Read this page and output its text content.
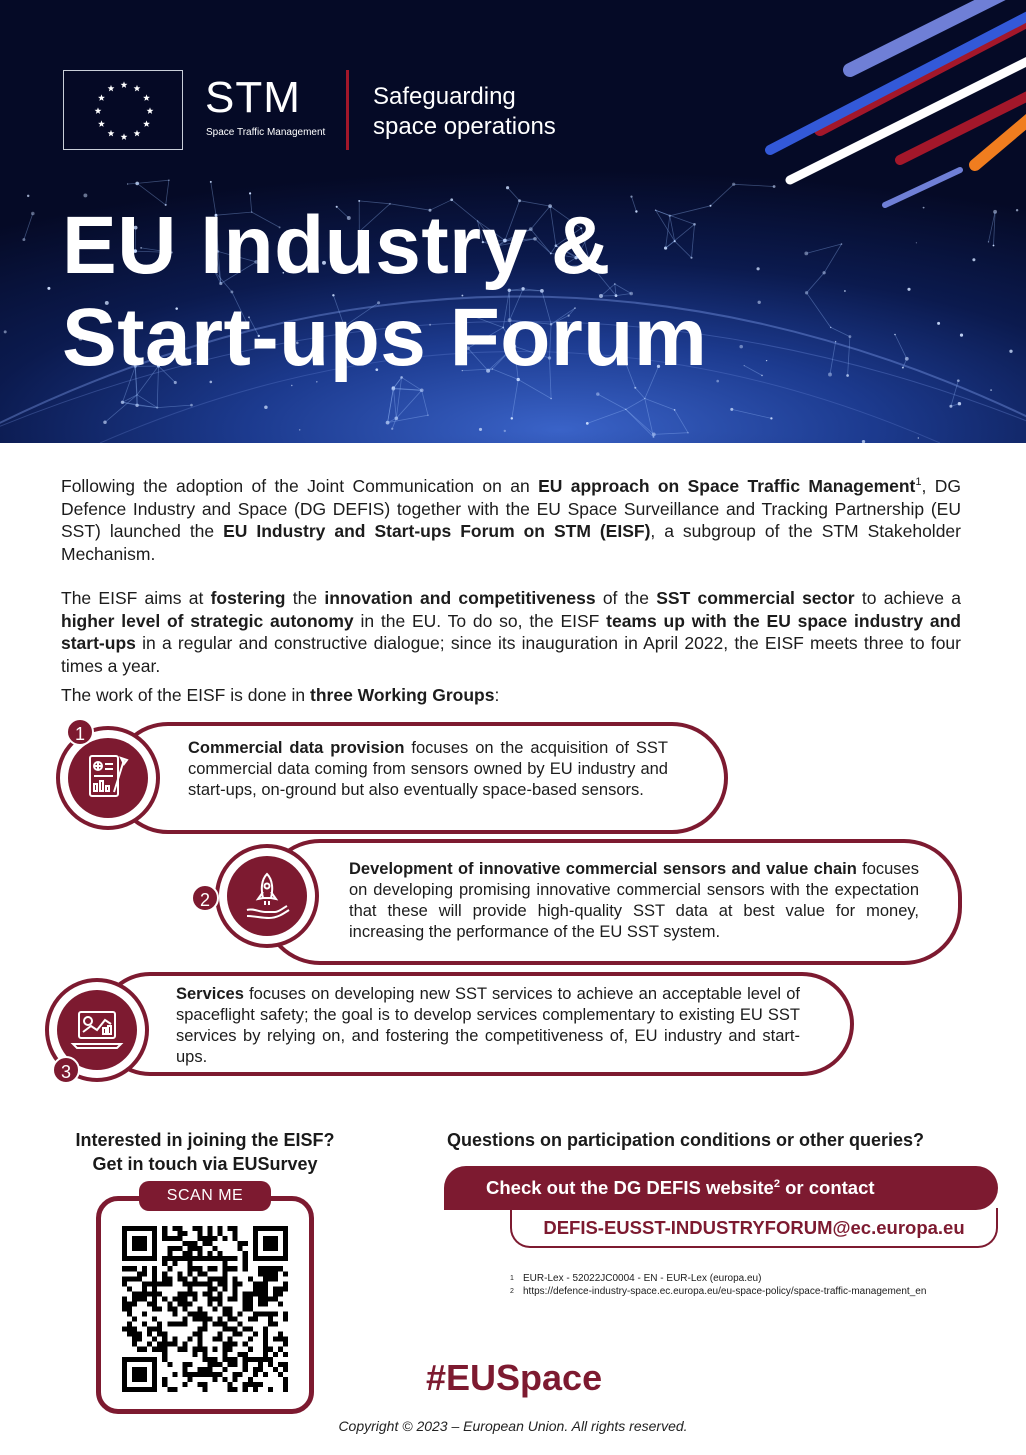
STM
Space Traffic Management
Safeguarding
space operations
EU Industry &
Start-ups Forum

Following the adoption of the Joint Communication on an EU approach on Space Traffic Management$^1$, DG Defence Industry and Space (DG DEFIS) together with the EU Space Surveillance and Tracking Partnership (EU SST) launched the EU Industry and Start-ups Forum on STM (EISF), a subgroup of the STM Stakeholder Mechanism.

The EISF aims at fostering the innovation and competitiveness of the SST commercial sector to achieve a higher level of strategic autonomy in the EU. To do so, the EISF teams up with the EU space industry and start-ups in a regular and constructive dialogue; since its inauguration in April 2022, the EISF meets three to four times a year.

The work of the EISF is done in three Working Groups:

1
Commercial data provision focuses on the acquisition of SST commercial data coming from sensors owned by EU industry and start-ups, on-ground but also eventually space-based sensors.
2
Development of innovative commercial sensors and value chain focuses on developing promising innovative commercial sensors with the expectation that these will provide high-quality SST data at best value for money, increasing the performance of the EU SST system.
3
Services focuses on developing new SST services to achieve an acceptable level of spaceflight safety; the goal is to develop services complementary to existing EU SST services by relying on, and fostering the competitiveness of, EU industry and start-ups.
Interested in joining the EISF?
Get in touch via EUSurvey
SCAN ME
Questions on participation conditions or other queries?
Check out the DG DEFIS website$^2$ or contact
DEFIS-EUSST-INDUSTRYFORUM@ec.europa.eu
1 EUR-Lex - 52022JC0004 - EN - EUR-Lex (europa.eu)
2 https://defence-industry-space.ec.europa.eu/eu-space-policy/space-traffic-management_en
#EUSpace
Copyright © 2023 – European Union. All rights reserved.
